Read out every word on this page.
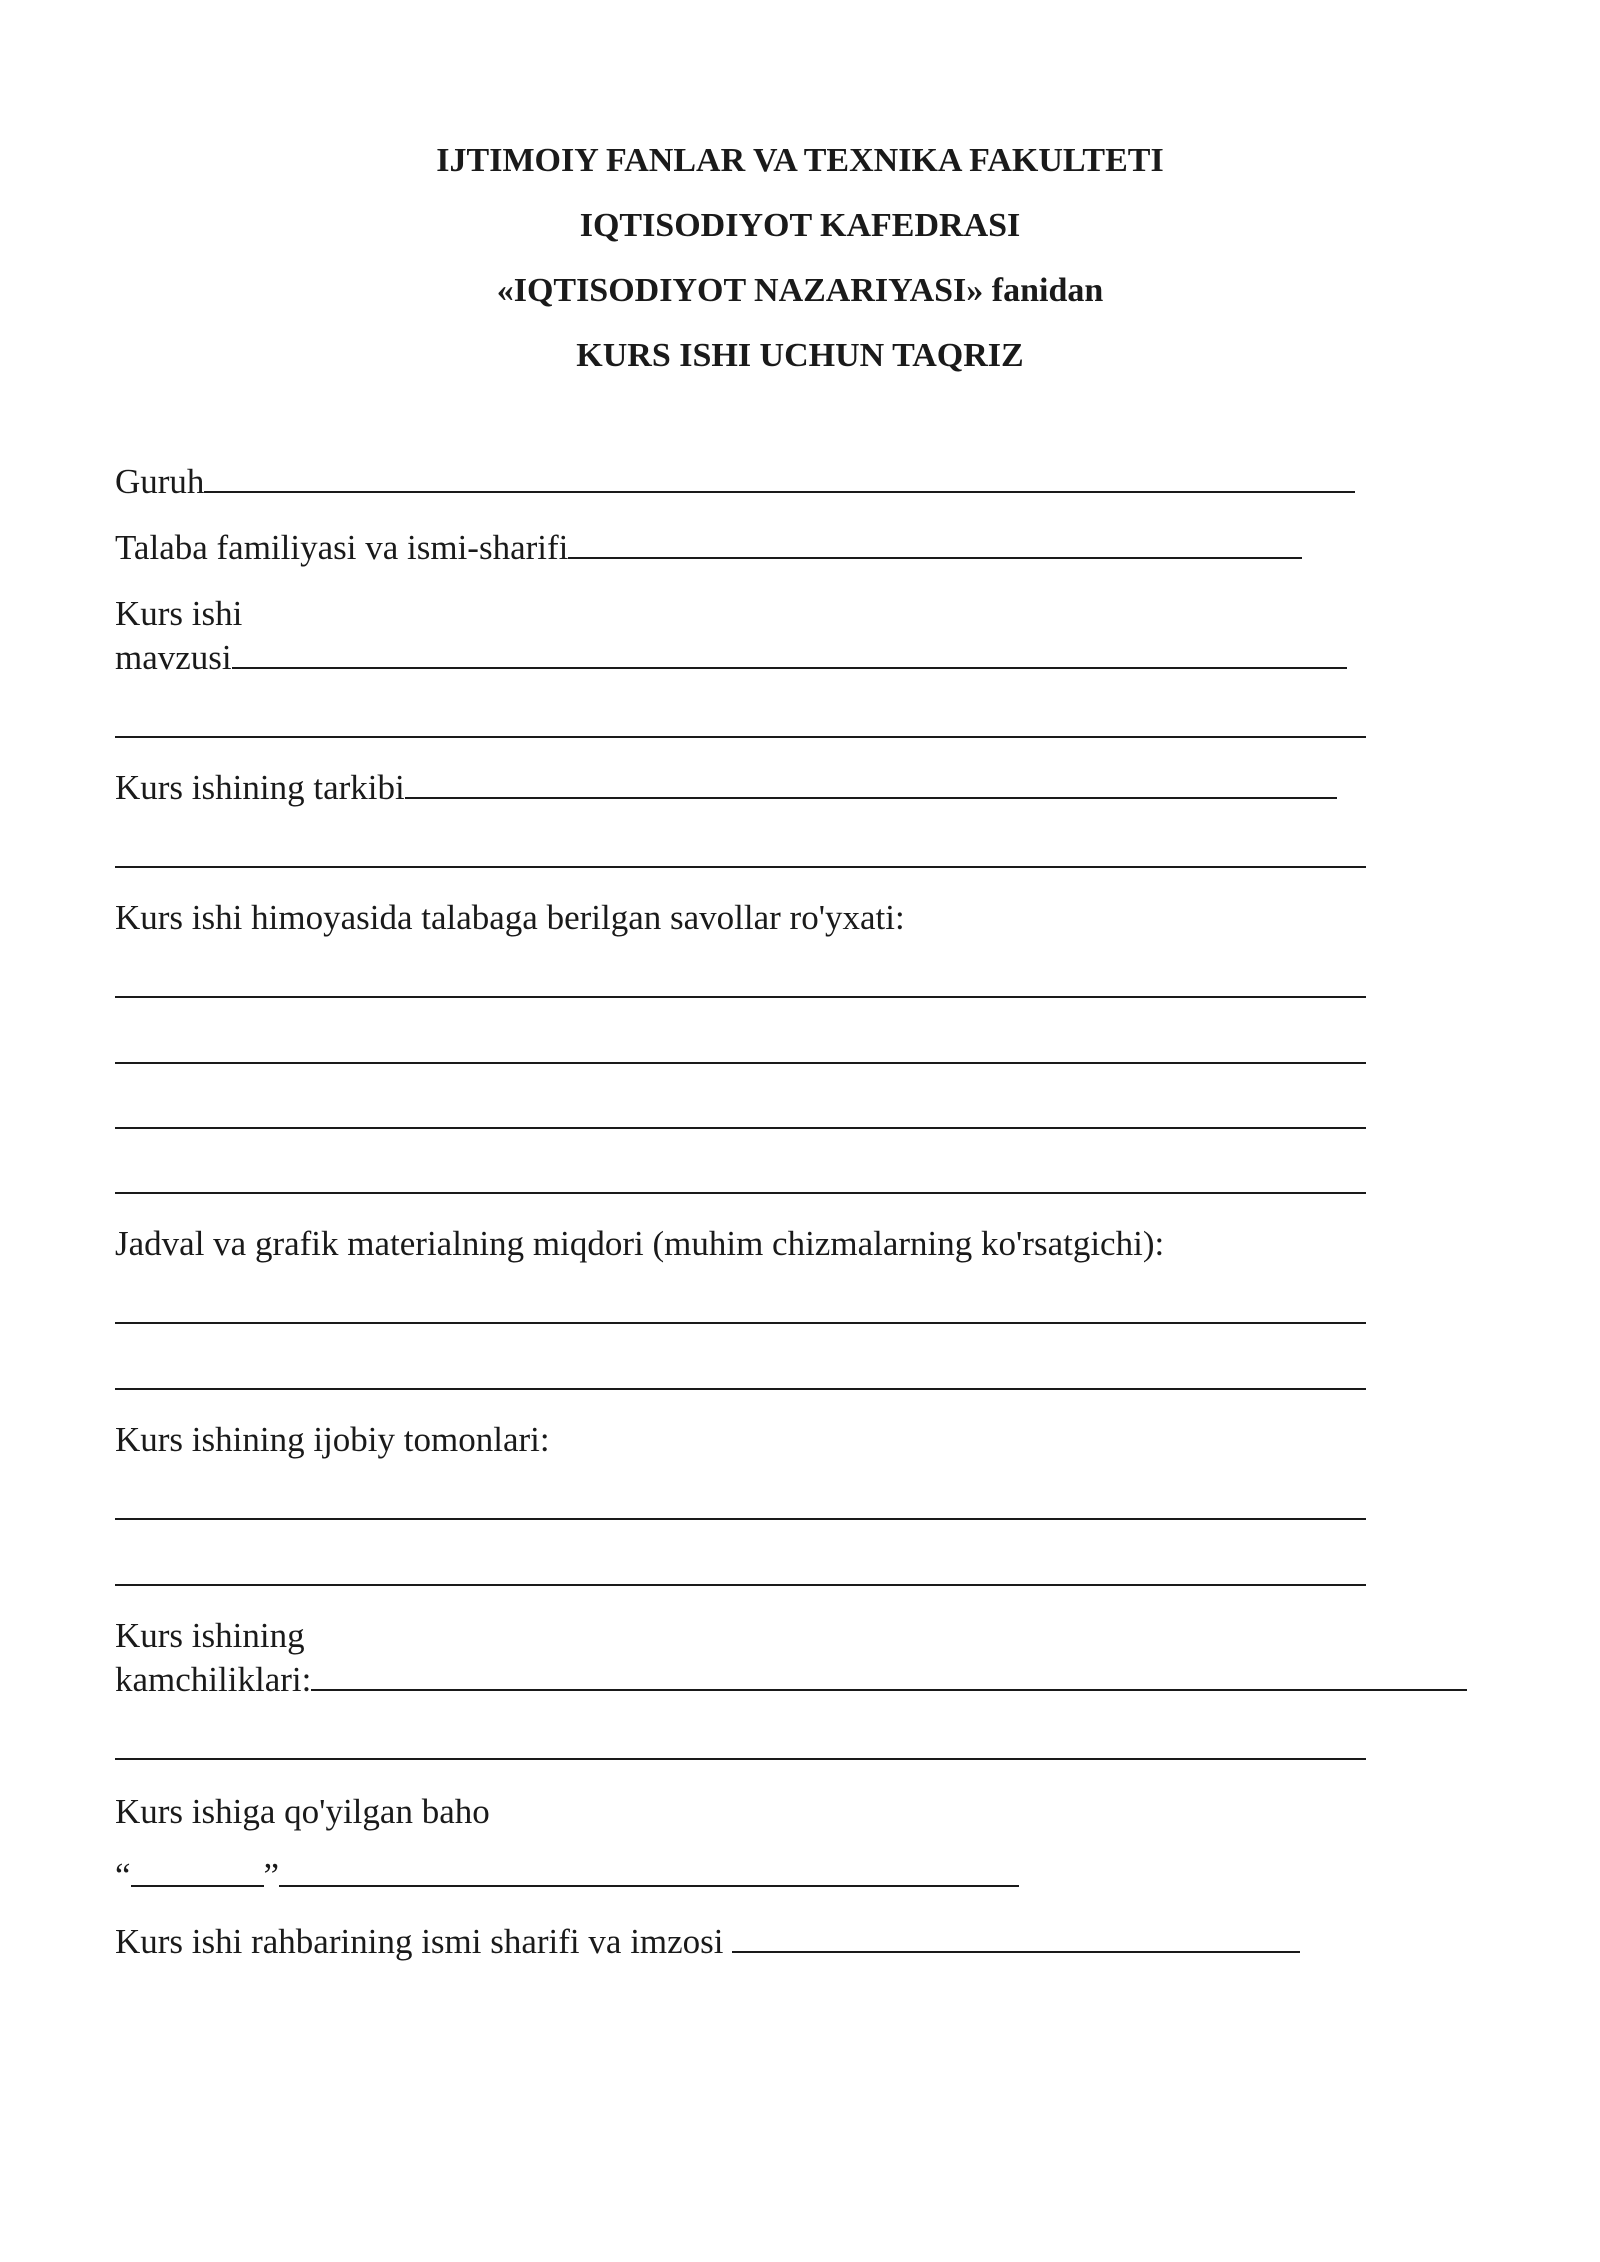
IJTIMOIY FANLAR VA TEXNIKA FAKULTETI
IQTISODIYOT KAFEDRASI
«IQTISODIYOT NAZARIYASI» fanidan
KURS ISHI UCHUN TAQRIZ
Guruh
Talaba familiyasi va ismi-sharifi
Kurs ishi
mavzusi
Kurs ishining tarkibi
Kurs ishi himoyasida talabaga berilgan savollar ro'yxati:
Jadval va grafik materialning miqdori (muhim chizmalarning ko'rsatgichi):
Kurs ishining ijobiy tomonlari:
Kurs ishining
kamchiliklari:
Kurs ishiga qo'yilgan baho
“	”
Kurs ishi rahbarining ismi sharifi va imzosi
